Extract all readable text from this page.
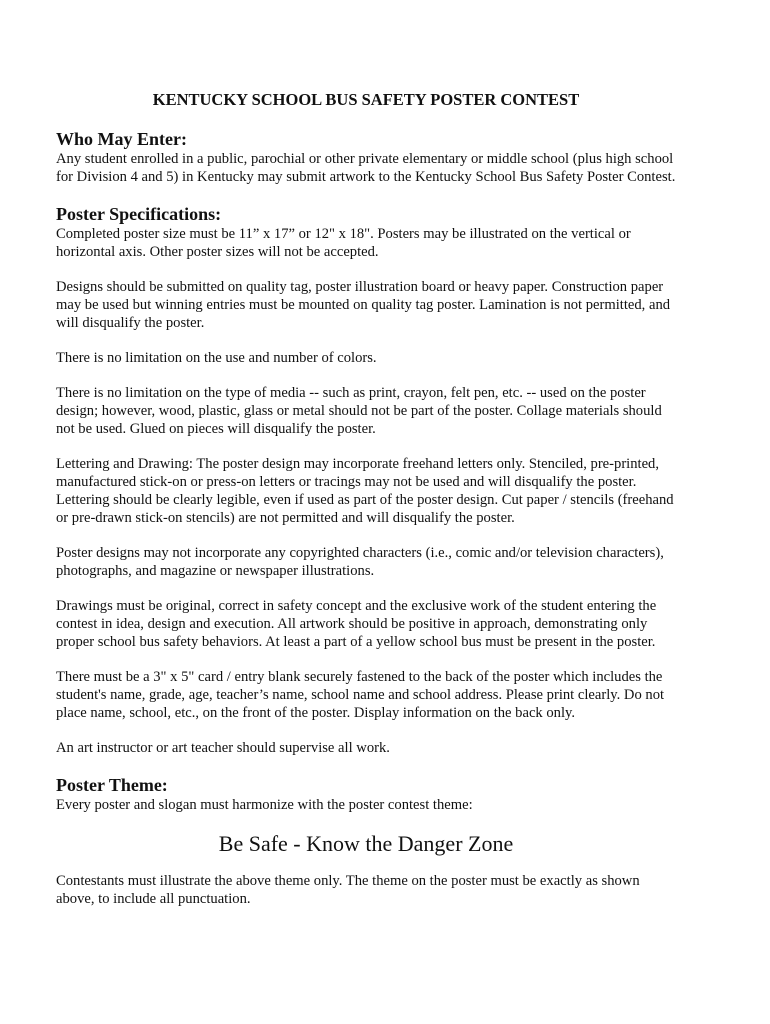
KENTUCKY SCHOOL BUS SAFETY POSTER CONTEST
Who May Enter:

Any student enrolled in a public, parochial or other private elementary or middle school (plus high school for Division 4 and 5) in Kentucky may submit artwork to the Kentucky School Bus Safety Poster Contest.

Poster Specifications:

Completed poster size must be 11” x 17” or 12" x 18". Posters may be illustrated on the vertical or horizontal axis. Other poster sizes will not be accepted.

Designs should be submitted on quality tag, poster illustration board or heavy paper. Construction paper may be used but winning entries must be mounted on quality tag poster. Lamination is not permitted, and will disqualify the poster.

There is no limitation on the use and number of colors.

There is no limitation on the type of media -- such as print, crayon, felt pen, etc. -- used on the poster design; however, wood, plastic, glass or metal should not be part of the poster. Collage materials should not be used. Glued on pieces will disqualify the poster.

Lettering and Drawing: The poster design may incorporate freehand letters only. Stenciled, pre-printed, manufactured stick-on or press-on letters or tracings may not be used and will disqualify the poster. Lettering should be clearly legible, even if used as part of the poster design. Cut paper / stencils (freehand or pre-drawn stick-on stencils) are not permitted and will disqualify the poster.

Poster designs may not incorporate any copyrighted characters (i.e., comic and/or television characters), photographs, and magazine or newspaper illustrations.

Drawings must be original, correct in safety concept and the exclusive work of the student entering the contest in idea, design and execution. All artwork should be positive in approach, demonstrating only proper school bus safety behaviors. At least a part of a yellow school bus must be present in the poster.

There must be a 3" x 5" card / entry blank securely fastened to the back of the poster which includes the student's name, grade, age, teacher’s name, school name and school address. Please print clearly. Do not place name, school, etc., on the front of the poster. Display information on the back only.

An art instructor or art teacher should supervise all work.

Poster Theme:

Every poster and slogan must harmonize with the poster contest theme:

Be Safe - Know the Danger Zone

Contestants must illustrate the above theme only. The theme on the poster must be exactly as shown above, to include all punctuation.
